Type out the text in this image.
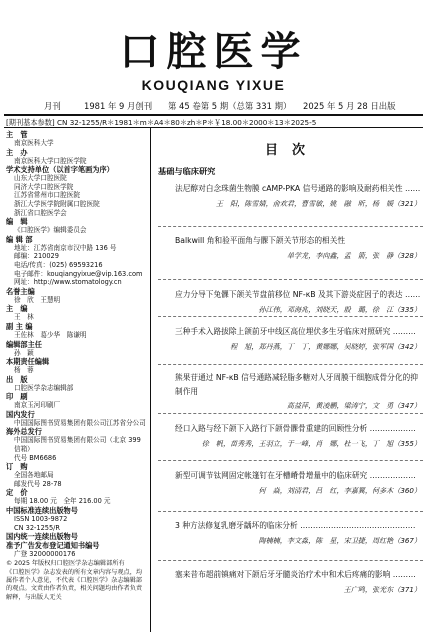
口腔医学
KOUQIANG YIXUE
月刊	1981 年 9 月创刊 第 45 卷第 5 期（总第 331 期） 2025 年 5 月 28 日出版
[期刊基本参数] CN 32-1255/R＊1981＊m＊A4＊80＊zh＊P＊￥18.00＊2000＊13＊2025-5
主　管
南京医科大学
主　办
南京医科大学口腔医学院
学术支持单位（以首字笔画为序）
山东大学口腔医院
同济大学口腔医学院
江苏省常州市口腔医院
浙江大学医学院附属口腔医院
浙江省口腔医学会
编　辑
《口腔医学》编辑委员会
编 辑 部
地址：江苏省南京市汉中路 136 号
邮编：210029
电话/传真：(025) 69593216
电子邮件：kouqiangyixue@vip.163.com
网址：http://www.stomatology.cn
名誉主编
徐　欣　王慧明
主　编
王　林
副 主 编
王佐林　葛少华　陈谦明
编辑部主任
孙　颖
本期责任编辑
杨　蓉
出　版
口腔医学杂志编辑部
印　刷
南京玉河印刷厂
国内发行
中国国际图书贸易集团有限公司江苏省分公司
海外总发行
中国国际图书贸易集团有限公司（北京 399
信箱）
代号 BM6686
订　购
全国各地邮局
邮发代号 28-78
定　价
每期 18.00 元　全年 216.00 元
中国标准连续出版物号
ISSN 1003-9872
CN 32-1255/R
国内统一连续出版物号
准予广告发布登记通知书编号
广登 32000000176
© 2025 年版权归口腔医学杂志编辑部所有
《口腔医学》杂志发表的所有文章内容与观点，均属作者个人意见，不代表《口腔医学》杂志编辑部的观点。文责由作者负责，相关问题均由作者负责解释，与出版人无关
目次
基础与临床研究
法尼醇对白念珠菌生物膜 cAMP-PKA 信号通路的影响及耐药相关性 ……
王　阳，陈雪婧，俞欢君，曹雪敏，姚　融　昕，杨　媛（321）
Balkwill 角和验平面角与髁下颌关节形态的相关性
单学龙，李向鑫，孟　箭，张　静（328）
应力分导下兔髁下颌关节盘前移位 NF-κB 及其下游炎症因子的表达 ……
孙江伟，邓海兆，刘晓天，殷　璐，徐　江（335）
三种手术入路拔除上颌前牙中线区高位埋伏多生牙临床对照研究 ………
程　旭，郑丹燕，丁　丁，黄娜娜，吴晓婷，张军国（342）
熊果苷通过 NF-κB 信号通路减轻脂多糖对人牙周膜干细胞成骨分化的抑制作用
高益萍，黄凌鹏，梁涛宁，文　勇（347）
经口入路与经下颌下入路行下颌骨髁骨重建的回顾性分析 ………………
徐　帆，苗秀秀，王羽立，于一峰，肖　娜，杜一飞，丁　旭（355）
新型可调节钛网固定帐篷钉在牙槽嵴骨增量中的临床研究 ………………
何　焱，刘清君，吕　红，李嘉翼，何多木（360）
3 种方法修复乳磨牙龋坏的临床分析 ………………………………………
陶楠楠，李文淼，陈　星，宋卫捷，周红艳（367）
塞来昔布超前镇痛对下颌后牙牙髓炎治疗术中和术后疼痛的影响 ………
王广鸣，张光东（371）
